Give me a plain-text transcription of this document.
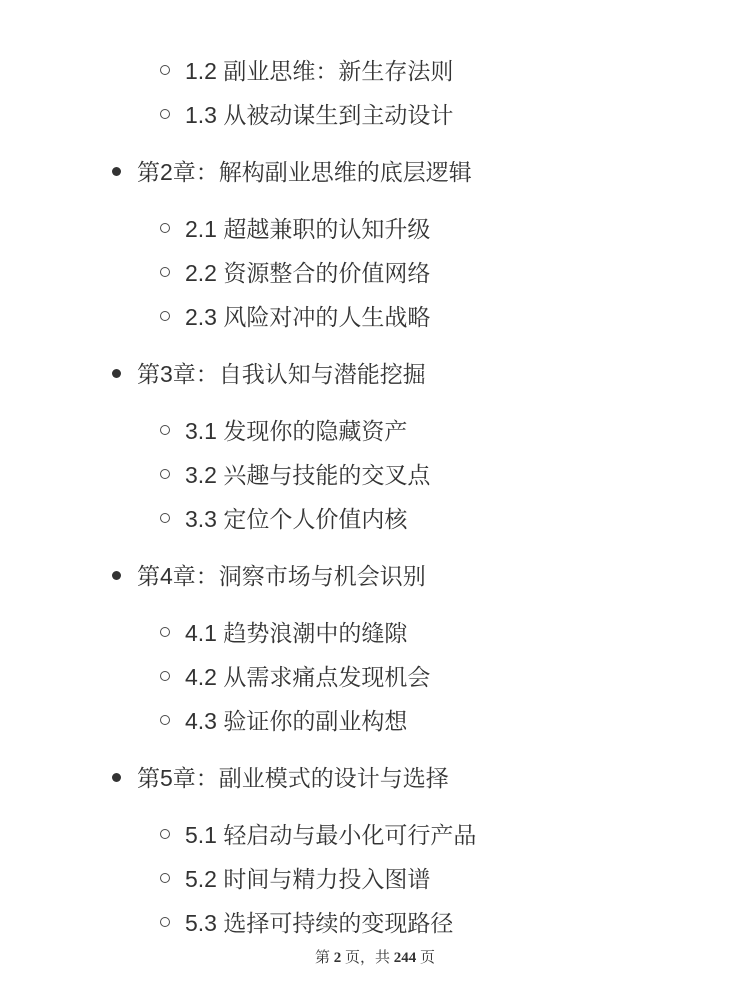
1.2 副业思维：新生存法则
1.3 从被动谋生到主动设计
第2章：解构副业思维的底层逻辑
2.1 超越兼职的认知升级
2.2 资源整合的价值网络
2.3 风险对冲的人生战略
第3章：自我认知与潜能挖掘
3.1 发现你的隐藏资产
3.2 兴趣与技能的交叉点
3.3 定位个人价值内核
第4章：洞察市场与机会识别
4.1 趋势浪潮中的缝隙
4.2 从需求痛点发现机会
4.3 验证你的副业构想
第5章：副业模式的设计与选择
5.1 轻启动与最小化可行产品
5.2 时间与精力投入图谱
5.3 选择可持续的变现路径
第 2 页，共 244 页
